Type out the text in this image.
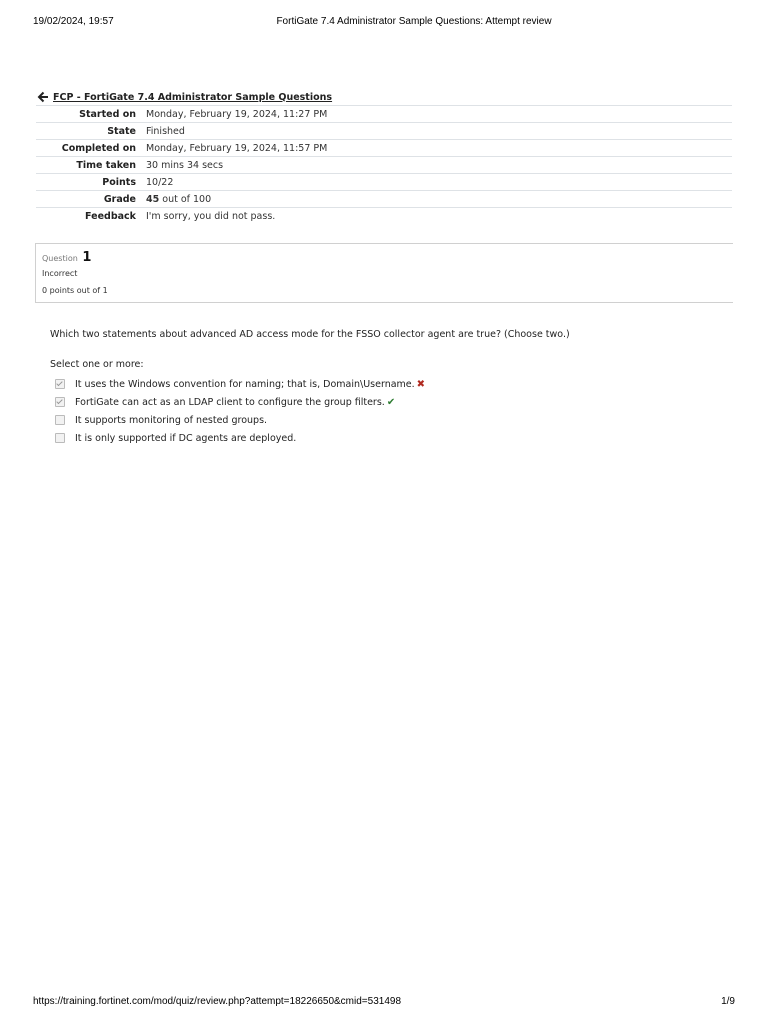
19/02/2024, 19:57	FortiGate 7.4 Administrator Sample Questions: Attempt review
FCP - FortiGate 7.4 Administrator Sample Questions
Started on	Monday, February 19, 2024, 11:27 PM
State	Finished
Completed on	Monday, February 19, 2024, 11:57 PM
Time taken	30 mins 34 secs
Points	10/22
Grade	45 out of 100
Feedback	I'm sorry, you did not pass.
Question 1
Incorrect
0 points out of 1
Which two statements about advanced AD access mode for the FSSO collector agent are true? (Choose two.)
Select one or more:
It uses the Windows convention for naming; that is, Domain\Username. ✖
FortiGate can act as an LDAP client to configure the group filters. ✔
It supports monitoring of nested groups.
It is only supported if DC agents are deployed.
https://training.fortinet.com/mod/quiz/review.php?attempt=18226650&cmid=531498	1/9
